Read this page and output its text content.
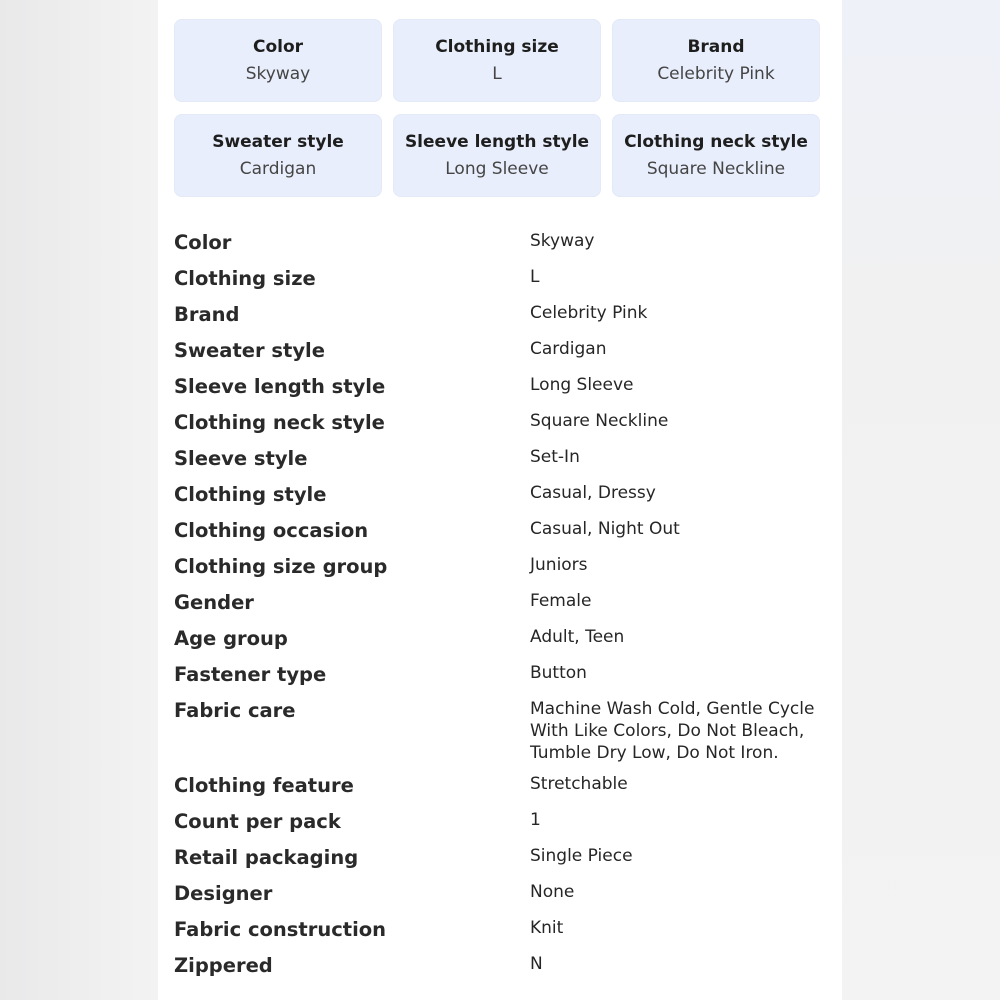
Color
Skyway
Clothing size
L
Brand
Celebrity Pink
Sweater style
Cardigan
Sleeve length style
Long Sleeve
Clothing neck style
Square Neckline
Color	Skyway
Clothing size	L
Brand	Celebrity Pink
Sweater style	Cardigan
Sleeve length style	Long Sleeve
Clothing neck style	Square Neckline
Sleeve style	Set-In
Clothing style	Casual, Dressy
Clothing occasion	Casual, Night Out
Clothing size group	Juniors
Gender	Female
Age group	Adult, Teen
Fastener type	Button
Fabric care	Machine Wash Cold, Gentle Cycle With Like Colors, Do Not Bleach, Tumble Dry Low, Do Not Iron.
Clothing feature	Stretchable
Count per pack	1
Retail packaging	Single Piece
Designer	None
Fabric construction	Knit
Zippered	N
